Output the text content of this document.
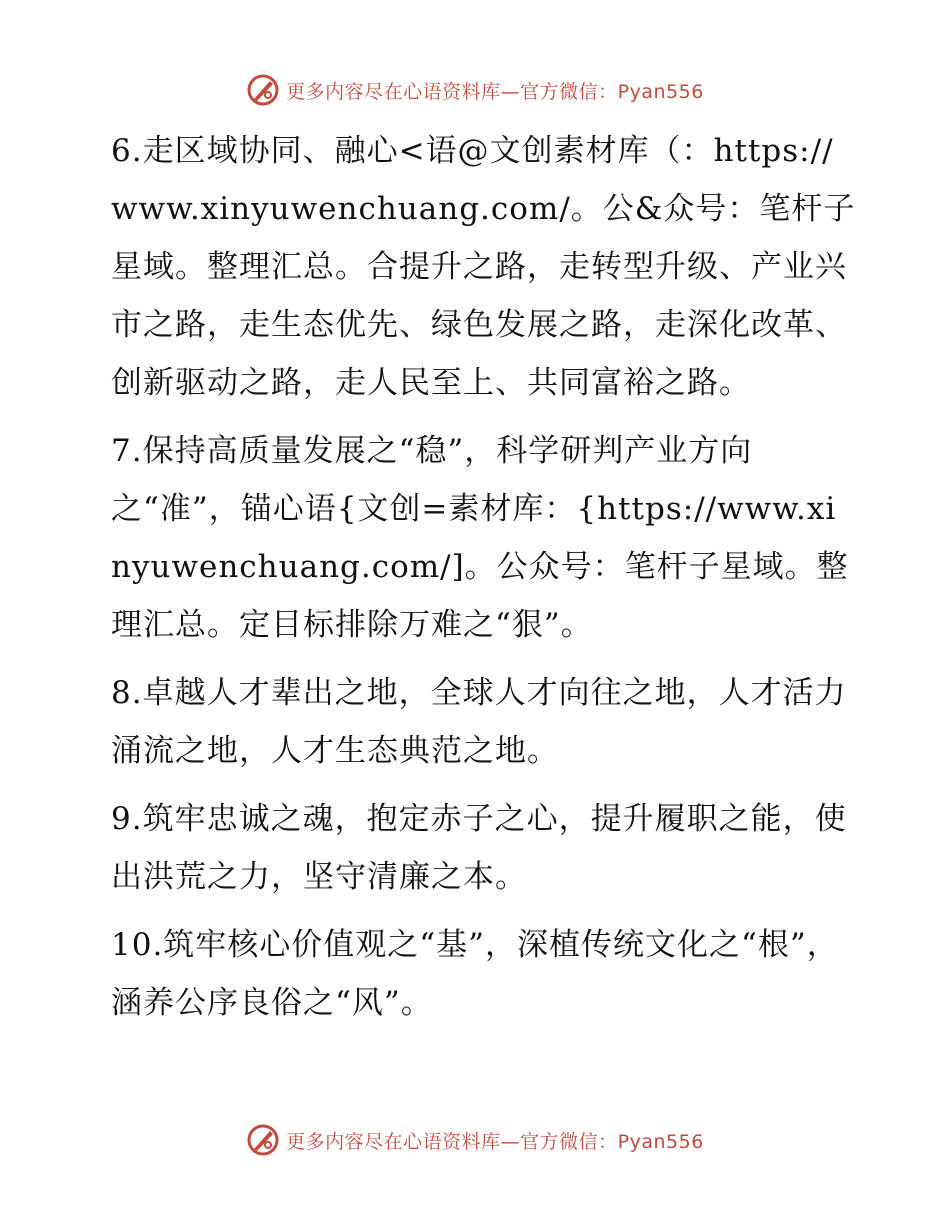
更多内容尽在心语资料库—官方微信：Pyan556

6.走区域协同、融心<语@文创素材库（：https://www.xinyuwenchuang.com/。公&众号：笔杆子星域。整理汇总。合提升之路，走转型升级、产业兴市之路，走生态优先、绿色发展之路，走深化改革、创新驱动之路，走人民至上、共同富裕之路。

7.保持高质量发展之“稳”，科学研判产业方向之“准”，锚心语{文创=素材库：{https://www.xinyuwenchuang.com/]。公众号：笔杆子星域。整理汇总。定目标排除万难之“狠”。

8.卓越人才辈出之地，全球人才向往之地，人才活力涌流之地，人才生态典范之地。

9.筑牢忠诚之魂，抱定赤子之心，提升履职之能，使出洪荒之力，坚守清廉之本。

10.筑牢核心价值观之“基”，深植传统文化之“根”，涵养公序良俗之“风”。

更多内容尽在心语资料库—官方微信：Pyan556
